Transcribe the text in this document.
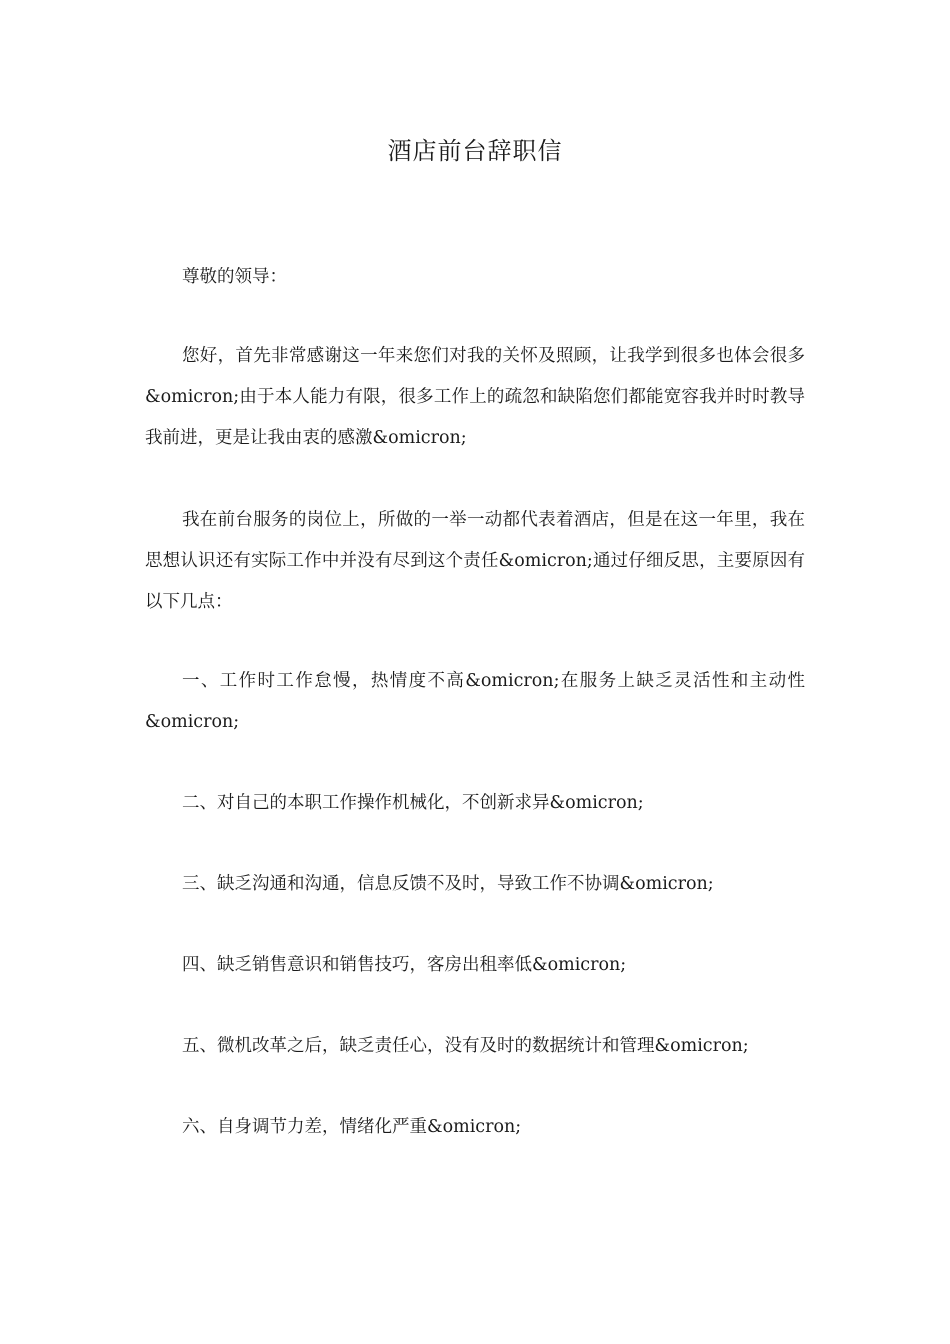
酒店前台辞职信

尊敬的领导：

您好，首先非常感谢这一年来您们对我的关怀及照顾，让我学到很多也体会很多&omicron;由于本人能力有限，很多工作上的疏忽和缺陷您们都能宽容我并时时教导我前进，更是让我由衷的感激&omicron;

我在前台服务的岗位上，所做的一举一动都代表着酒店，但是在这一年里，我在思想认识还有实际工作中并没有尽到这个责任&omicron;通过仔细反思，主要原因有以下几点：

一、工作时工作怠慢，热情度不高&omicron;在服务上缺乏灵活性和主动性&omicron;

二、对自己的本职工作操作机械化，不创新求异&omicron;

三、缺乏沟通和沟通，信息反馈不及时，导致工作不协调&omicron;

四、缺乏销售意识和销售技巧，客房出租率低&omicron;

五、微机改革之后，缺乏责任心，没有及时的数据统计和管理&omicron;

六、自身调节力差，情绪化严重&omicron;
